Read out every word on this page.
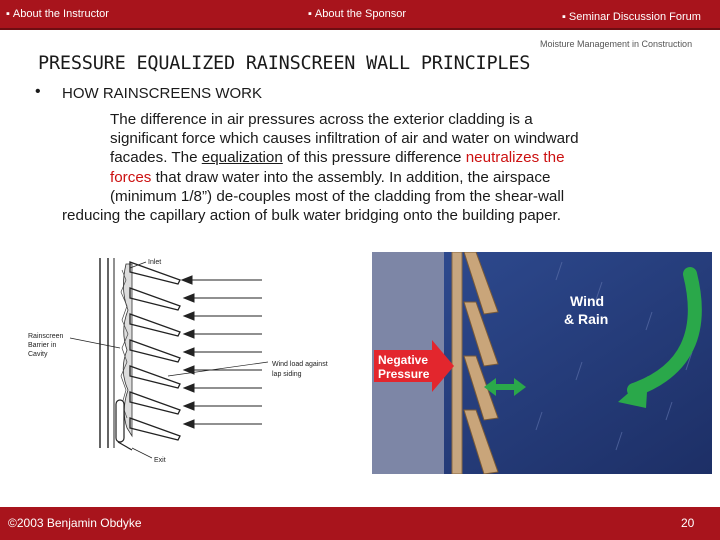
▪ About the Instructor	▪ About the Sponsor	▪ Seminar Discussion Forum
Moisture Management in Construction
PRESSURE EQUALIZED RAINSCREEN WALL PRINCIPLES
• HOW RAINSCREENS WORK
The difference in air pressures across the exterior cladding is a
significant force which causes infiltration of air and water on windward
facades. The equalization of this pressure difference neutralizes the
forces that draw water into the assembly. In addition, the airspace
(minimum 1/8”) de-couples most of the cladding from the shear-wall
reducing the capillary action of bulk water bridging onto the building paper.
Inlet
Rainscreen
Barrier in
Cavity
Wind load against
lap siding
Exit
Negative
Pressure
Wind
& Rain
©2003 Benjamin Obdyke	20
